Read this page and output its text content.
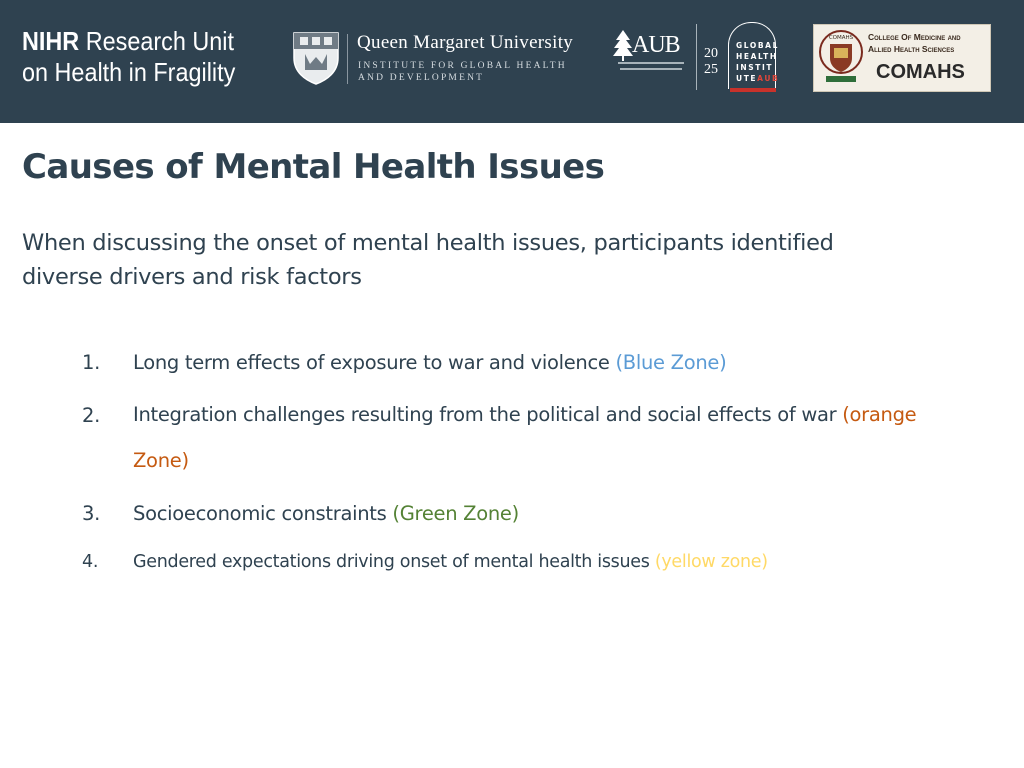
NIHR Research Unit
on Health in Fragility
Queen Margaret University
INSTITUTE FOR GLOBAL HEALTH
AND DEVELOPMENT
AUB 20
25
GLOBAL
HEALTH
INSTIT
UTEAUB
COMAHS College Of Medicine and
Allied Health Sciences
COMAHS
Causes of Mental Health Issues

When discussing the onset of mental health issues, participants identified diverse drivers and risk factors

1. Long term effects of exposure to war and violence (Blue Zone)
2. Integration challenges resulting from the political and social effects of war (orange Zone)
3. Socioeconomic constraints (Green Zone)
4. Gendered expectations driving onset of mental health issues (yellow zone)
